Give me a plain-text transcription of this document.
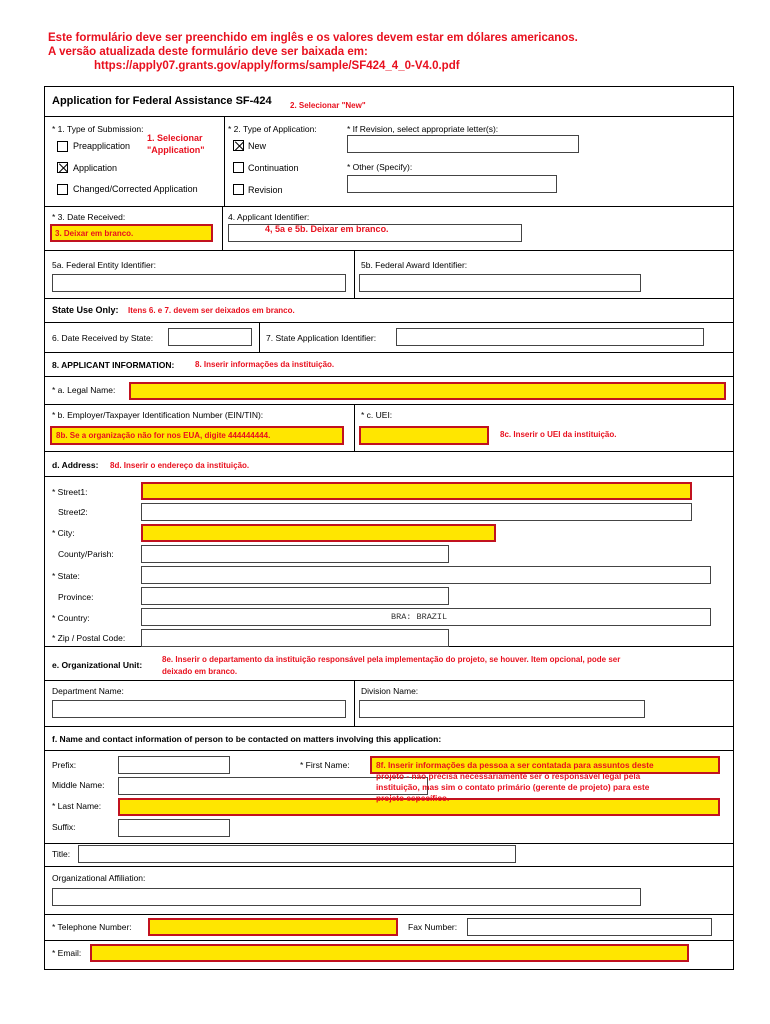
Este formulário deve ser preenchido em inglês e os valores devem estar em dólares americanos.
A versão atualizada deste formulário deve ser baixada em:
https://apply07.grants.gov/apply/forms/sample/SF424_4_0-V4.0.pdf
Application for Federal Assistance SF-424 2. Selecionar "New"
* 1. Type of Submission:
1. Selecionar
"Application"
Preapplication
Application
Changed/Corrected Application
* 2. Type of Application:
New
Continuation
Revision
* If Revision, select appropriate letter(s):
* Other (Specify):
* 3. Date Received:
3. Deixar em branco.
4. Applicant Identifier:
4, 5a e 5b. Deixar em branco.
5a. Federal Entity Identifier:	5b. Federal Award Identifier:
State Use Only: Itens 6. e 7. devem ser deixados em branco.
6. Date Received by State:	7. State Application Identifier:
8. APPLICANT INFORMATION:	8. Inserir informações da instituição.
* a. Legal Name:
* b. Employer/Taxpayer Identification Number (EIN/TIN):
8b. Se a organização não for nos EUA, digite 444444444.
* c. UEI:
8c. Inserir o UEI da instituição.
d. Address: 8d. Inserir o endereço da instituição.
* Street1:
Street2:
* City:
County/Parish:
* State:
Province:
* Country:	BRA: BRAZIL
* Zip / Postal Code:
e. Organizational Unit:
8e. Inserir o departamento da instituição responsável pela implementação do projeto, se houver. Item opcional, pode ser
deixado em branco.
Department Name:	Division Name:
f. Name and contact information of person to be contacted on matters involving this application:
Prefix:	* First Name:
Middle Name:
* Last Name:
Suffix:
8f. Inserir informações da pessoa a ser contatada para assuntos deste
projeto - não precisa necessariamente ser o responsável legal pela
instituição, mas sim o contato primário (gerente de projeto) para este
projeto específico.
Title:
Organizational Affiliation:
* Telephone Number:	Fax Number:
* Email:
